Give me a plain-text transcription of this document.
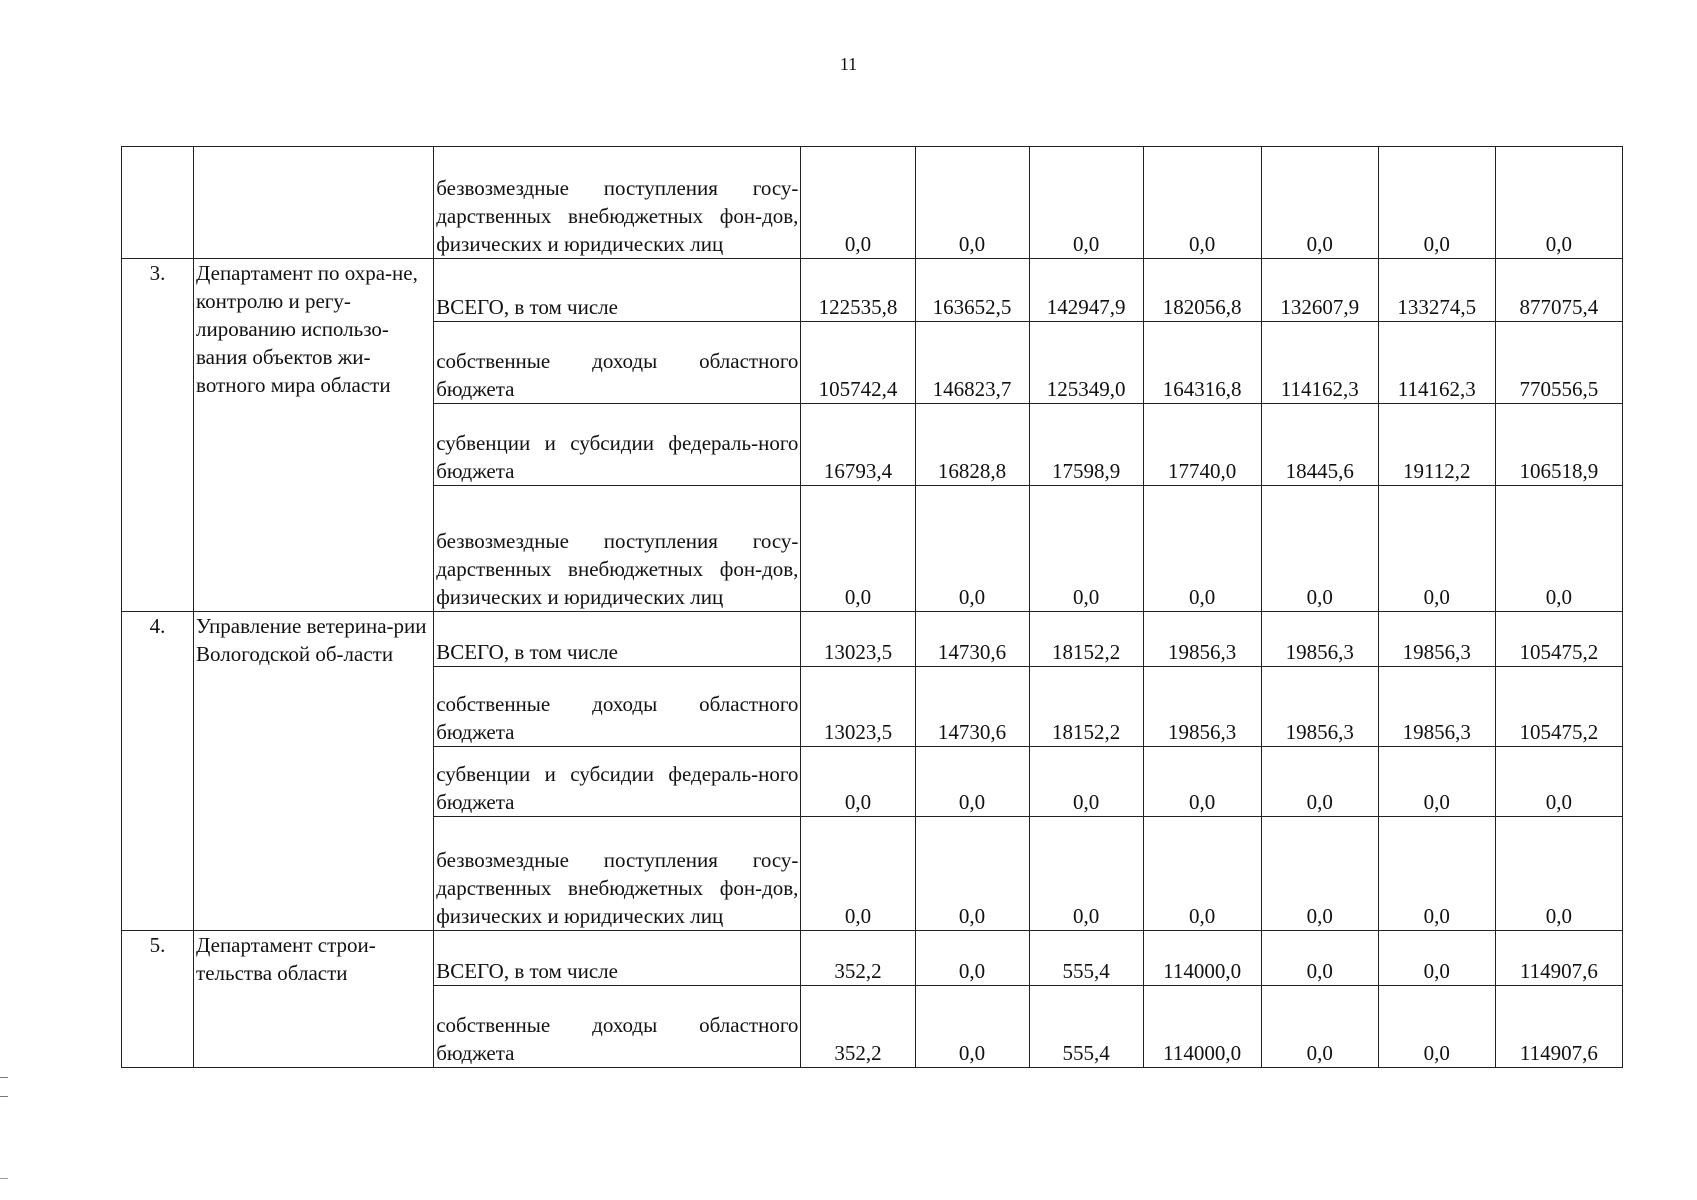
11
		безвозмездные поступления госу-дарственных внебюджетных фон-дов, физических и юридических лиц	0,0	0,0	0,0	0,0	0,0	0,0	0,0
3.	Департамент по охра-не, контролю и регу-лированию использо-вания объектов жи-вотного мира области	ВСЕГО, в том числе	122535,8	163652,5	142947,9	182056,8	132607,9	133274,5	877075,4
		собственные доходы областного бюджета	105742,4	146823,7	125349,0	164316,8	114162,3	114162,3	770556,5
		субвенции и субсидии федераль-ного бюджета	16793,4	16828,8	17598,9	17740,0	18445,6	19112,2	106518,9
		безвозмездные поступления госу-дарственных внебюджетных фон-дов, физических и юридических лиц	0,0	0,0	0,0	0,0	0,0	0,0	0,0
4.	Управление ветерина-рии Вологодской об-ласти	ВСЕГО, в том числе	13023,5	14730,6	18152,2	19856,3	19856,3	19856,3	105475,2
		собственные доходы областного бюджета	13023,5	14730,6	18152,2	19856,3	19856,3	19856,3	105475,2
		субвенции и субсидии федераль-ного бюджета	0,0	0,0	0,0	0,0	0,0	0,0	0,0
		безвозмездные поступления госу-дарственных внебюджетных фон-дов, физических и юридических лиц	0,0	0,0	0,0	0,0	0,0	0,0	0,0
5.	Департамент строи-тельства области	ВСЕГО, в том числе	352,2	0,0	555,4	114000,0	0,0	0,0	114907,6
		собственные доходы областного бюджета	352,2	0,0	555,4	114000,0	0,0	0,0	114907,6
